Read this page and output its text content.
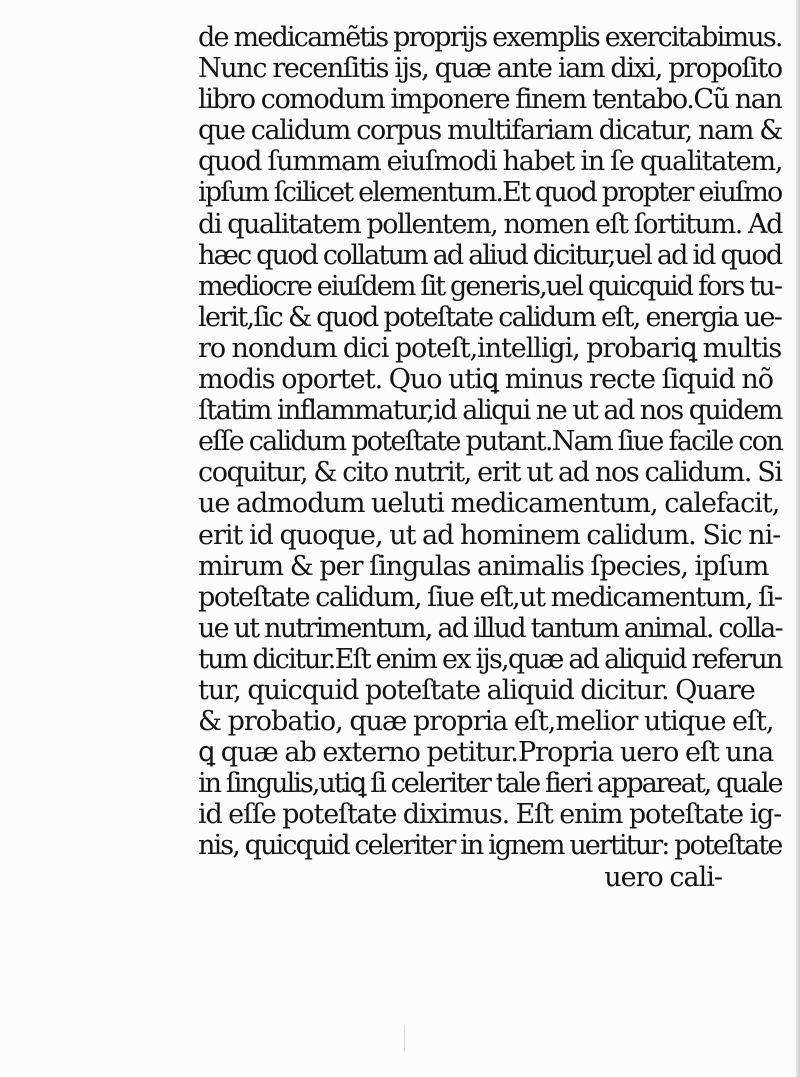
de medicamẽtis proprijs exemplis exercitabimus.
Nunc recenſitis ijs, quæ ante iam dixi, propoſito
libro comodum imponere finem tentabo.Cũ nan
que calidum corpus multifariam dicatur, nam &
quod ſummam eiuſmodi habet in ſe qualitatem,
ipſum ſcilicet elementum.Et quod propter eiuſmo
di qualitatem pollentem, nomen eſt ſortitum. Ad
hæc quod collatum ad aliud dicitur,uel ad id quod
mediocre eiuſdem ſit generis,uel quicquid fors tu-
lerit,ſic & quod poteſtate calidum eſt, energia ue-
ro nondum dici poteſt,intelligi, probariꝗ multis
modis oportet. Quo utiꝗ minus recte ſiquid nõ
ſtatim inflammatur,id aliqui ne ut ad nos quidem
eſſe calidum poteſtate putant.Nam ſiue facile con
coquitur, & cito nutrit, erit ut ad nos calidum. Si
ue admodum ueluti medicamentum, calefacit,
erit id quoque, ut ad hominem calidum. Sic ni-
mirum & per ſingulas animalis ſpecies, ipſum
poteſtate calidum, ſiue eſt,ut medicamentum, ſi-
ue ut nutrimentum, ad illud tantum animal. colla-
tum dicitur.Eſt enim ex ijs,quæ ad aliquid referun
tur, quicquid poteſtate aliquid dicitur. Quare
& probatio, quæ propria eſt,melior utique eſt,
ꝗ quæ ab externo petitur.Propria uero eſt una
in ſingulis,utiꝗ ſi celeriter tale fieri appareat, quale
id eſſe poteſtate diximus. Eſt enim poteſtate ig-
nis, quicquid celeriter in ignem uertitur: poteſtate
uero cali-
